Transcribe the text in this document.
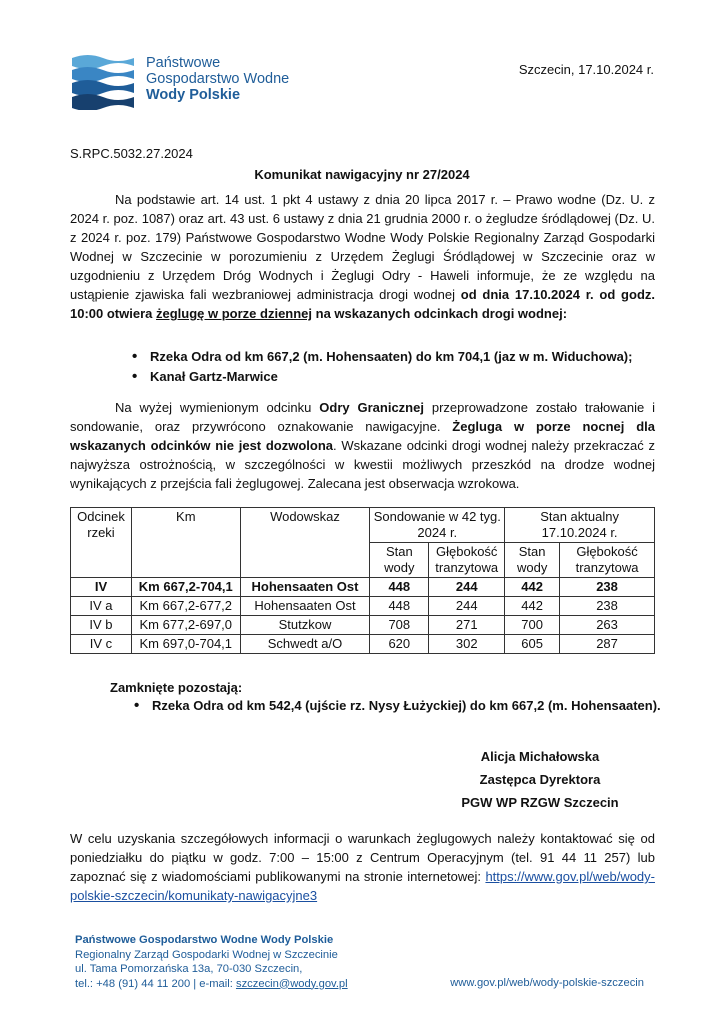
Państwowe
Gospodarstwo Wodne
Wody Polskie
Szczecin, 17.10.2024 r.
S.RPC.5032.27.2024
Komunikat nawigacyjny nr 27/2024
Na podstawie art. 14 ust. 1 pkt 4 ustawy z dnia 20 lipca 2017 r. – Prawo wodne (Dz. U. z 2024 r. poz. 1087) oraz art. 43 ust. 6 ustawy z dnia 21 grudnia 2000 r. o żegludze śródlądowej (Dz. U. z 2024 r. poz. 179) Państwowe Gospodarstwo Wodne Wody Polskie Regionalny Zarząd Gospodarki Wodnej w Szczecinie w porozumieniu z Urzędem Żeglugi Śródlądowej w Szczecinie oraz w uzgodnieniu z Urzędem Dróg Wodnych i Żeglugi Odry - Haweli informuje, że ze względu na ustąpienie zjawiska fali wezbraniowej administracja drogi wodnej od dnia 17.10.2024 r. od godz. 10:00 otwiera żeglugę w porze dziennej na wskazanych odcinkach drogi wodnej:
• Rzeka Odra od km 667,2 (m. Hohensaaten) do km 704,1 (jaz w m. Widuchowa);
• Kanał Gartz-Marwice
Na wyżej wymienionym odcinku Odry Granicznej przeprowadzone zostało trałowanie i sondowanie, oraz przywrócono oznakowanie nawigacyjne. Żegluga w porze nocnej dla wskazanych odcinków nie jest dozwolona. Wskazane odcinki drogi wodnej należy przekraczać z najwyższa ostrożnością, w szczególności w kwestii możliwych przeszkód na drodze wodnej wynikających z przejścia fali żeglugowej. Zalecana jest obserwacja wzrokowa.
Odcinek rzeki	Km	Wodowskaz	Sondowanie w 42 tyg. 2024 r.		Stan aktualny 17.10.2024 r.	
			Stan wody	Głębokość tranzytowa	Stan wody	Głębokość tranzytowa
IV	Km 667,2-704,1	Hohensaaten Ost	448	244	442	238
IV a	Km 667,2-677,2	Hohensaaten Ost	448	244	442	238
IV b	Km 677,2-697,0	Stutzkow	708	271	700	263
IV c	Km 697,0-704,1	Schwedt a/O	620	302	605	287
Zamknięte pozostają:
• Rzeka Odra od km 542,4 (ujście rz. Nysy Łużyckiej) do km 667,2 (m. Hohensaaten).
Alicja Michałowska
Zastępca Dyrektora
PGW WP RZGW Szczecin
W celu uzyskania szczegółowych informacji o warunkach żeglugowych należy kontaktować się od poniedziałku do piątku w godz. 7:00 – 15:00 z Centrum Operacyjnym (tel. 91 44 11 257) lub zapoznać się z wiadomościami publikowanymi na stronie internetowej: https://www.gov.pl/web/wody-polskie-szczecin/komunikaty-nawigacyjne3
Państwowe Gospodarstwo Wodne Wody Polskie
Regionalny Zarząd Gospodarki Wodnej w Szczecinie
ul. Tama Pomorzańska 13a, 70-030 Szczecin,
tel.: +48 (91) 44 11 200 | e-mail: szczecin@wody.gov.pl	www.gov.pl/web/wody-polskie-szczecin
